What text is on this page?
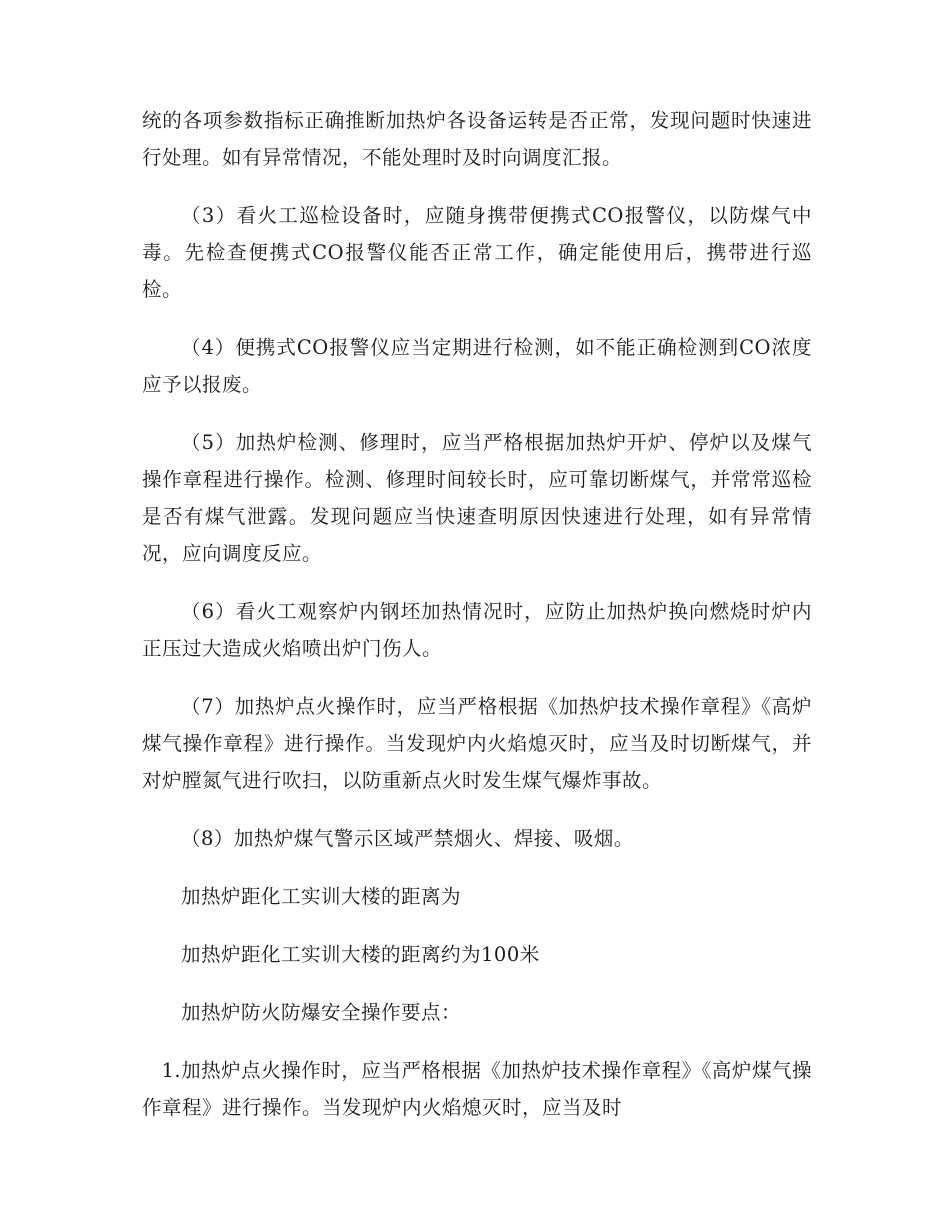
统的各项参数指标正确推断加热炉各设备运转是否正常，发现问题时快速进行处理。如有异常情况，不能处理时及时向调度汇报。

（3）看火工巡检设备时，应随身携带便携式CO报警仪，以防煤气中毒。先检查便携式CO报警仪能否正常工作，确定能使用后，携带进行巡检。

（4）便携式CO报警仪应当定期进行检测，如不能正确检测到CO浓度应予以报废。

（5）加热炉检测、修理时，应当严格根据加热炉开炉、停炉以及煤气操作章程进行操作。检测、修理时间较长时，应可靠切断煤气，并常常巡检是否有煤气泄露。发现问题应当快速查明原因快速进行处理，如有异常情况，应向调度反应。

（6）看火工观察炉内钢坯加热情况时，应防止加热炉换向燃烧时炉内正压过大造成火焰喷出炉门伤人。

（7）加热炉点火操作时，应当严格根据《加热炉技术操作章程》《高炉煤气操作章程》进行操作。当发现炉内火焰熄灭时，应当及时切断煤气，并对炉膛氮气进行吹扫，以防重新点火时发生煤气爆炸事故。

（8）加热炉煤气警示区域严禁烟火、焊接、吸烟。

加热炉距化工实训大楼的距离为

加热炉距化工实训大楼的距离约为100米

加热炉防火防爆安全操作要点：

1.加热炉点火操作时，应当严格根据《加热炉技术操作章程》《高炉煤气操作章程》进行操作。当发现炉内火焰熄灭时，应当及时
